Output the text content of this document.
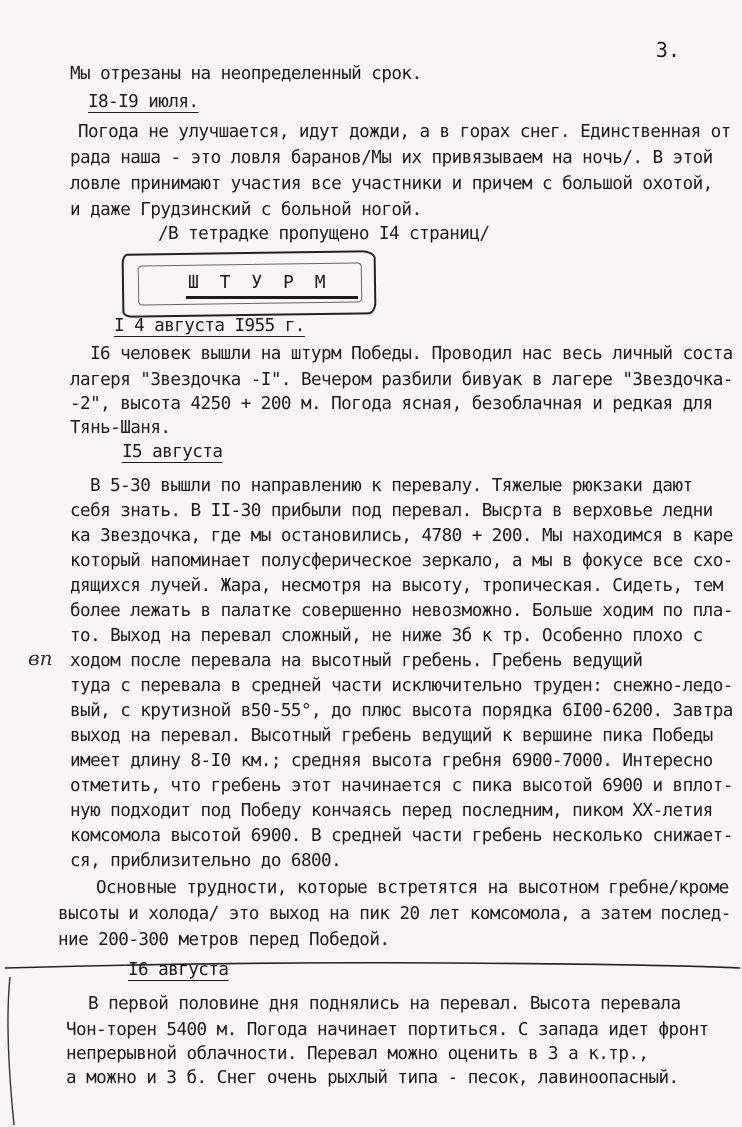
3.
Мы отрезаны на неопределенный срок.
I8-I9 июля.
Погода не улучшается, идут дожди, а в горах снег. Единственная от
рада наша - это ловля баранов/Мы их привязываем на ночь/. В этой
ловле принимают участия все участники и причем с большой охотой,
и даже Грудзинский с больной ногой.
/В тетрадке пропущено I4 страниц/
Ш Т У Р М
I 4 августа I955 г.
I6 человек вышли на штурм Победы. Проводил нас весь личный соста
лагеря "Звездочка -I". Вечером разбили бивуак в лагере "Звездочка-
-2", высота 4250 + 200 м. Погода ясная, безоблачная и редкая для
Тянь-Шаня.
I5 августа
В 5-30 вышли по направлению к перевалу. Тяжелые рюкзаки дают
себя знать. В II-30 прибыли под перевал. Высрта в верховье ледни
ка Звездочка, где мы остановились, 4780 + 200. Мы находимся в каре
который напоминает полусферическое зеркало, а мы в фокусе все схо-
дящихся лучей. Жара, несмотря на высоту, тропическая. Сидеть, тем
более лежать в палатке совершенно невозможно. Больше ходим по пла-
то. Выход на перевал сложный, не ниже 3б к тр. Особенно плохо с
вп ходом после перевала на высотный гребень. Гребень ведущий
туда с перевала в средней части исключительно труден: снежно-ледо-
вый, с крутизной в50-55°, до плюс высота порядка 6I00-6200. Завтра
выход на перевал. Высотный гребень ведущий к вершине пика Победы
имеет длину 8-I0 км.; средняя высота гребня 6900-7000. Интересно
отметить, что гребень этот начинается с пика высотой 6900 и вплот-
ную подходит под Победу кончаясь перед последним, пиком XX-летия
комсомола высотой 6900. В средней части гребень несколько снижает-
ся, приблизительно до 6800.
Основные трудности, которые встретятся на высотном гребне/кроме
высоты и холода/ это выход на пик 20 лет комсомола, а затем послед-
ние 200-300 метров перед Победой.
I6 августа
В первой половине дня поднялись на перевал. Высота перевала
Чон-торен 5400 м. Погода начинает портиться. С запада идет фронт
непрерывной облачности. Перевал можно оценить в 3 а к.тр.,
а можно и 3 б. Снег очень рыхлый типа - песок, лавиноопасный.
